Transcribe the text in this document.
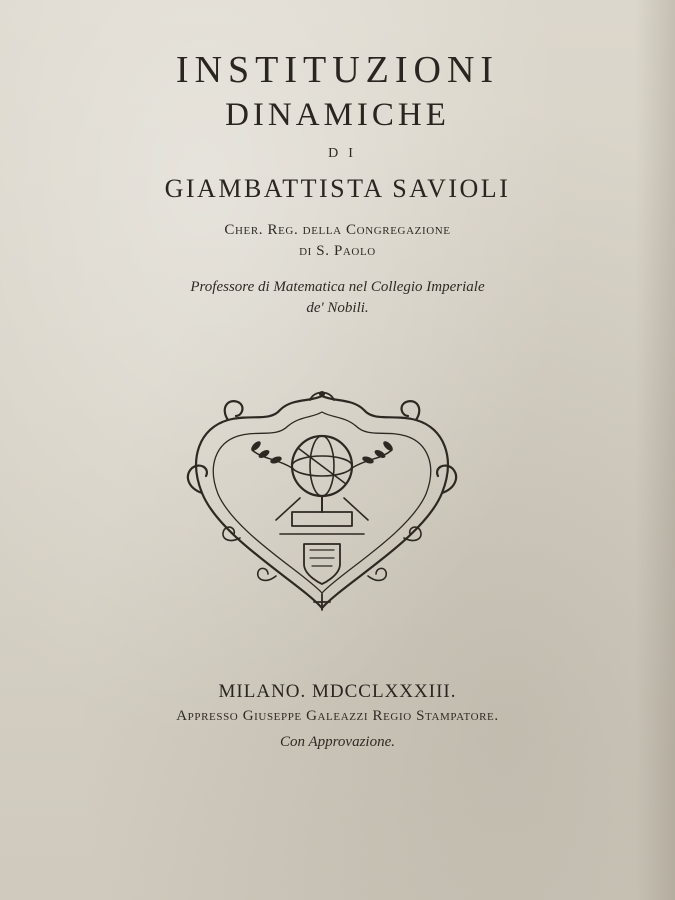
INSTITUZIONI
DINAMICHE
DI
GIAMBATTISTA SAVIOLI
Cher. Reg. della Congregazione
di S. Paolo
Professore di Matematica nel Collegio Imperiale
de' Nobili.
MILANO. MDCCLXXXIII.
Appresso Giuseppe Galeazzi Regio Stampatore.
Con Approvazione.
